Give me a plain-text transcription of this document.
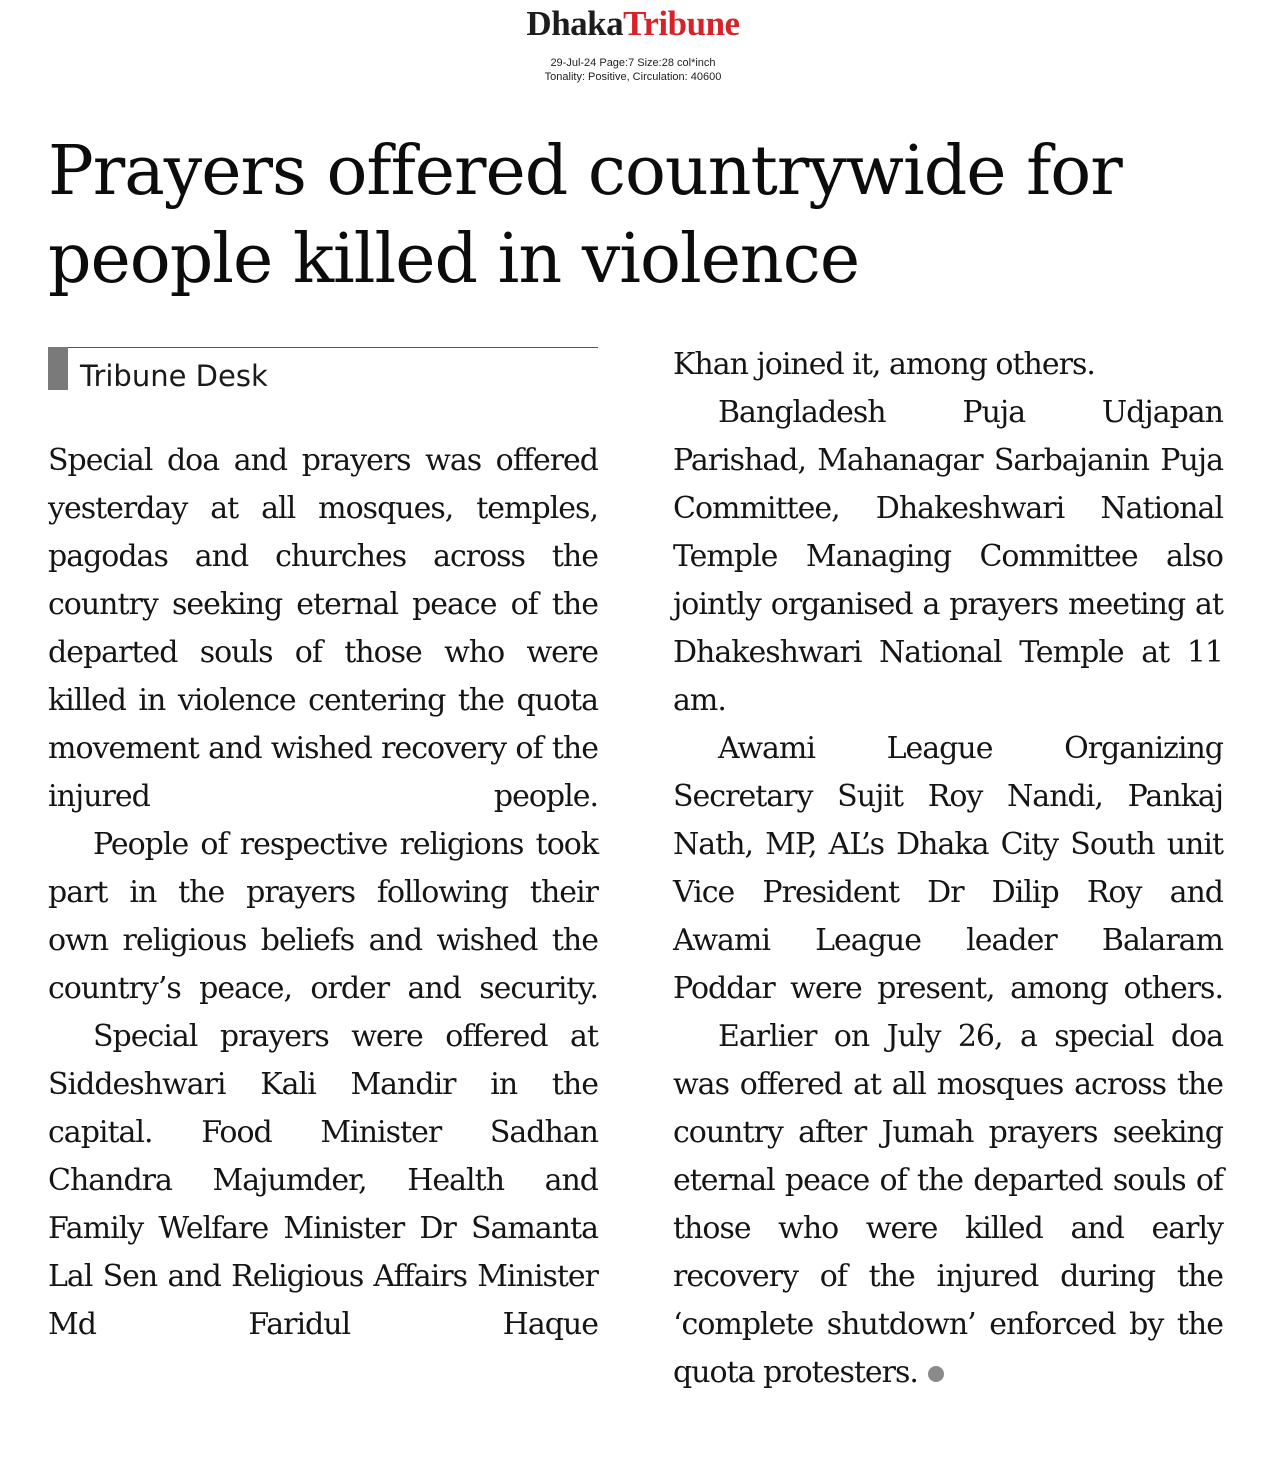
DhakaTribune
29-Jul-24 Page:7 Size:28 col*inch
Tonality: Positive, Circulation: 40600
Prayers offered countrywide for
people killed in violence
Tribune Desk

Special doa and prayers was offered yesterday at all mosques, temples, pagodas and churches across the country seeking eternal peace of the departed souls of those who were killed in violence centering the quota movement and wished recovery of the injured people.

People of respective religions took part in the prayers following their own religious beliefs and wished the country’s peace, order and security.

Special prayers were offered at Siddeshwari Kali Mandir in the capital. Food Minister Sadhan Chandra Majumder, Health and Family Welfare Minister Dr Samanta Lal Sen and Religious Affairs Minister Md Faridul Haque

Khan joined it, among others.

Bangladesh Puja Udjapan Parishad, Mahanagar Sarbajanin Puja Committee, Dhakeshwari National Temple Managing Committee also jointly organised a prayers meeting at Dhakeshwari National Temple at 11 am.

Awami League Organizing Secretary Sujit Roy Nandi, Pankaj Nath, MP, AL’s Dhaka City South unit Vice President Dr Dilip Roy and Awami League leader Balaram Poddar were present, among others.

Earlier on July 26, a special doa was offered at all mosques across the country after Jumah prayers seeking eternal peace of the departed souls of those who were killed and early recovery of the injured during the ‘complete shutdown’ enforced by the quota protesters.
